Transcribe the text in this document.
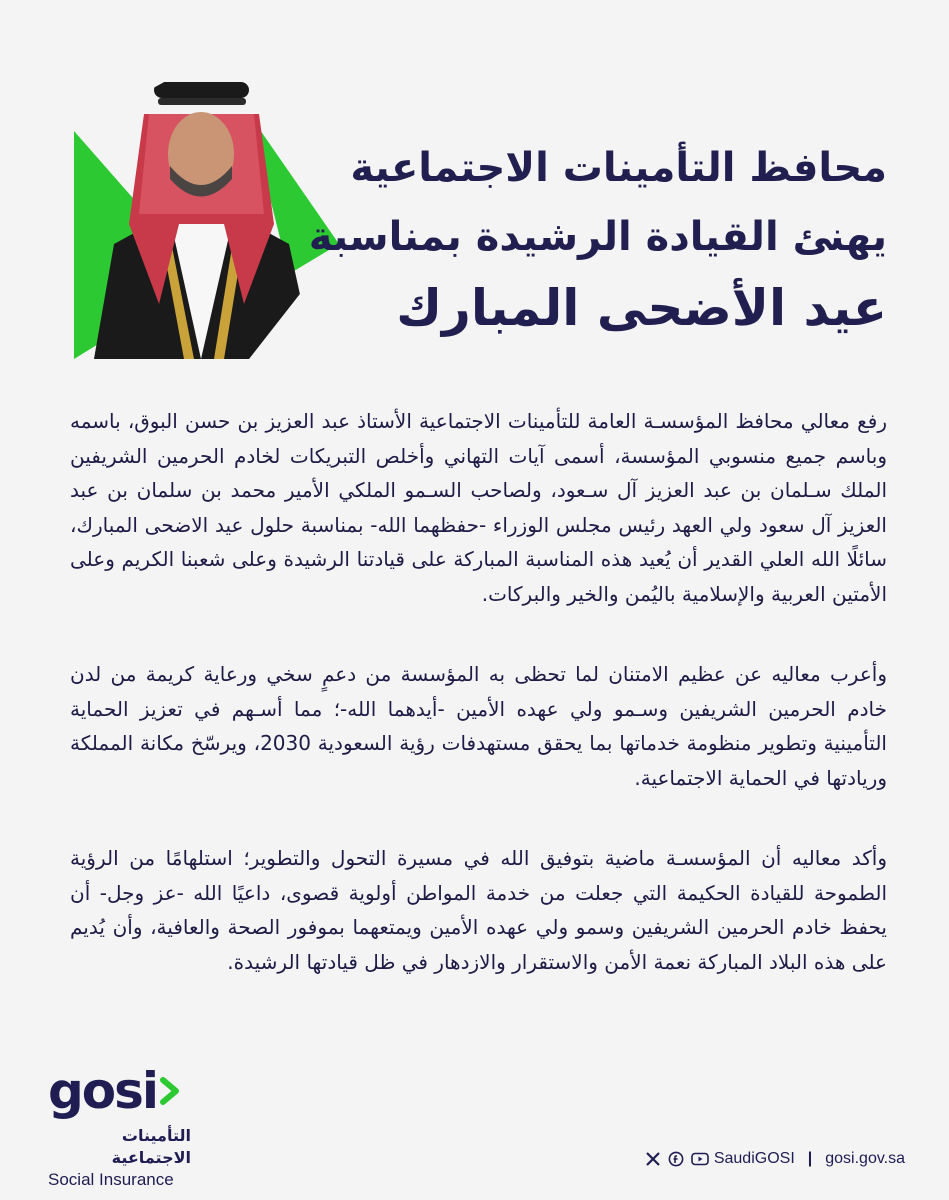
محافظ التأمينات الاجتماعية
يهنئ القيادة الرشيدة بمناسبة
عيد الأضحى المبارك

رفع معالي محافظ المؤسسـة العامة للتأمينات الاجتماعية الأستاذ عبد العزيز بن حسن البوق، باسمه وباسم جميع منسوبي المؤسسة، أسمى آيات التهاني وأخلص التبريكات لخادم الحرمين الشريفين الملك سـلمان بن عبد العزيز آل سـعود، ولصاحب السـمو الملكي الأمير محمد بن سلمان بن عبد العزيز آل سعود ولي العهد رئيس مجلس الوزراء -حفظهما الله- بمناسبة حلول عيد الاضحى المبارك، سائلًا الله العلي القدير أن يُعيد هذه المناسبة المباركة على قيادتنا الرشيدة وعلى شعبنا الكريم وعلى الأمتين العربية والإسلامية باليُمن والخير والبركات.

وأعرب معاليه عن عظيم الامتنان لما تحظى به المؤسسة من دعمٍ سخي ورعاية كريمة من لدن خادم الحرمين الشريفين وسـمو ولي عهده الأمين -أيدهما الله-؛ مما أسـهم في تعزيز الحماية التأمينية وتطوير منظومة خدماتها بما يحقق مستهدفات رؤية السعودية 2030، ويرسّخ مكانة المملكة وريادتها في الحماية الاجتماعية.

وأكد معاليه أن المؤسسـة ماضية بتوفيق الله في مسيرة التحول والتطوير؛ استلهامًا من الرؤية الطموحة للقيادة الحكيمة التي جعلت من خدمة المواطن أولوية قصوى، داعيًا الله -عز وجل- أن يحفظ خادم الحرمين الشريفين وسمو ولي عهده الأمين ويمتعهما بموفور الصحة والعافية، وأن يُديم على هذه البلاد المباركة نعمة الأمن والاستقرار والازدهار في ظل قيادتها الرشيدة.

gosi
التأمينات الاجتماعية
Social Insurance
SaudiGOSI | gosi.gov.sa
